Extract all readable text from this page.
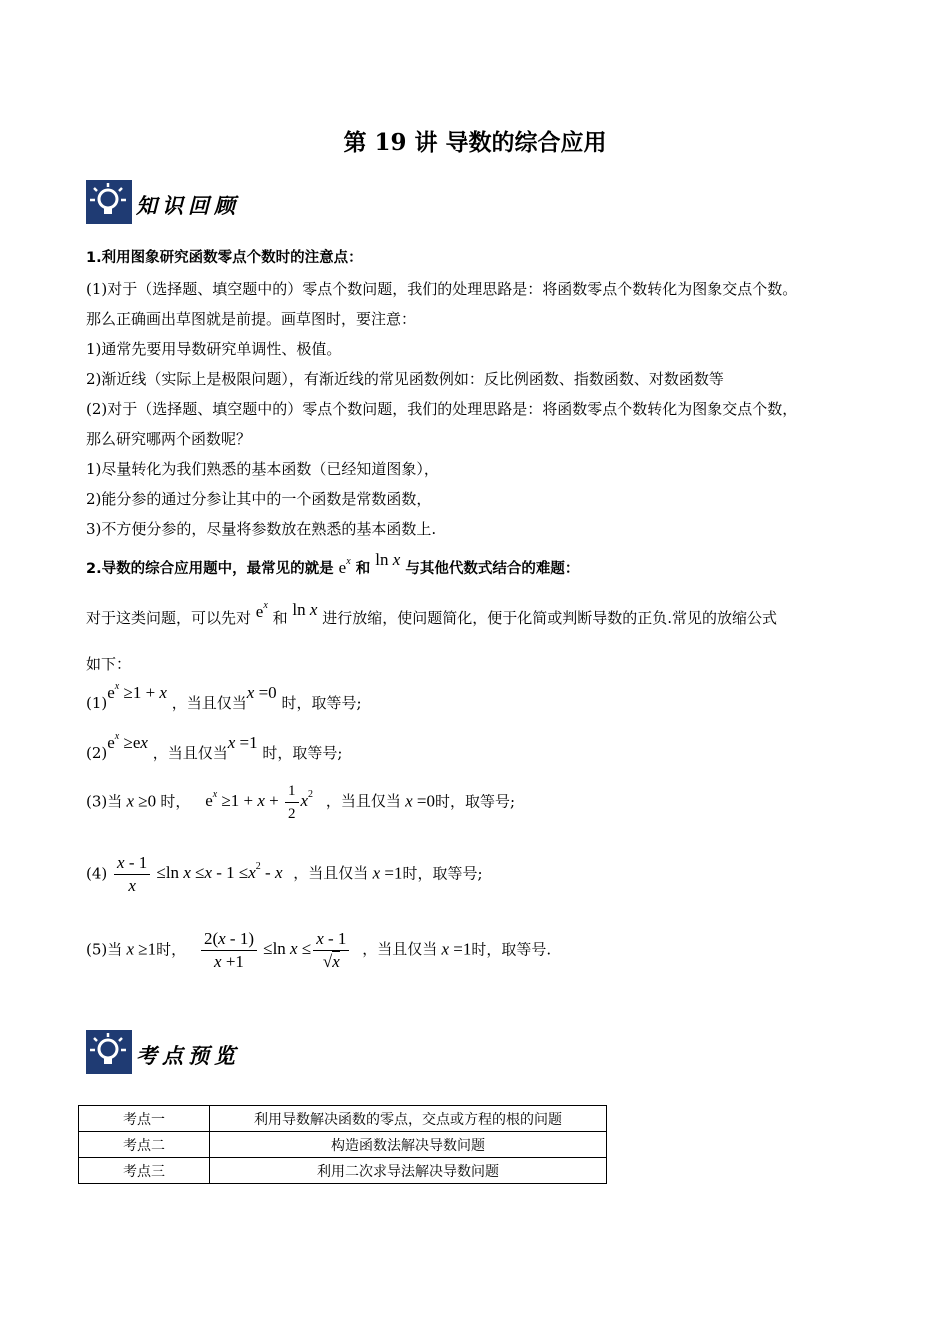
第 19 讲 导数的综合应用
知识回顾
1.利用图象研究函数零点个数时的注意点：
(1)对于（选择题、填空题中的）零点个数问题，我们的处理思路是：将函数零点个数转化为图象交点个数。
那么正确画出草图就是前提。画草图时，要注意：
1)通常先要用导数研究单调性、极值。
2)渐近线（实际上是极限问题），有渐近线的常见函数例如：反比例函数、指数函数、对数函数等
(2)对于（选择题、填空题中的）零点个数问题，我们的处理思路是：将函数零点个数转化为图象交点个数，
那么研究哪两个函数呢？
1)尽量转化为我们熟悉的基本函数（已经知道图象），
2)能分参的通过分参让其中的一个函数是常数函数，
3)不方便分参的，尽量将参数放在熟悉的基本函数上.
2.导数的综合应用题中，最常见的就是 $e^x$ 和 ln x 与其他代数式结合的难题：
对于这类问题，可以先对 $e^x$ 和 ln x 进行放缩，使问题简化，便于化简或判断导数的正负.常见的放缩公式
如下：
$(1)e^x \ge 1 + x$ ，当且仅当x =0 时，取等号;
$(2)e^x \ge ex$ ，当且仅当x =1 时，取等号;
(3)当 x ≥0 时， $e^x \ge 1 + x + \frac{1}{2} x^2$ ，当且仅当 x =0时，取等号;
$(4) \frac{x - 1}{x} \le\ln$ $x \le x - 1 \le x^2 - x$ ，当且仅当 x =1时，取等号;
(5)当 x ≥1时， $\frac{2(x - 1)}{x +1} \le\ln$ $x \le \frac{x - 1}{√x}$ ，当且仅当 x =1时，取等号.
考点预览
考点一	利用导数解决函数的零点，交点或方程的根的问题
考点二	构造函数法解决导数问题
考点三	利用二次求导法解决导数问题
